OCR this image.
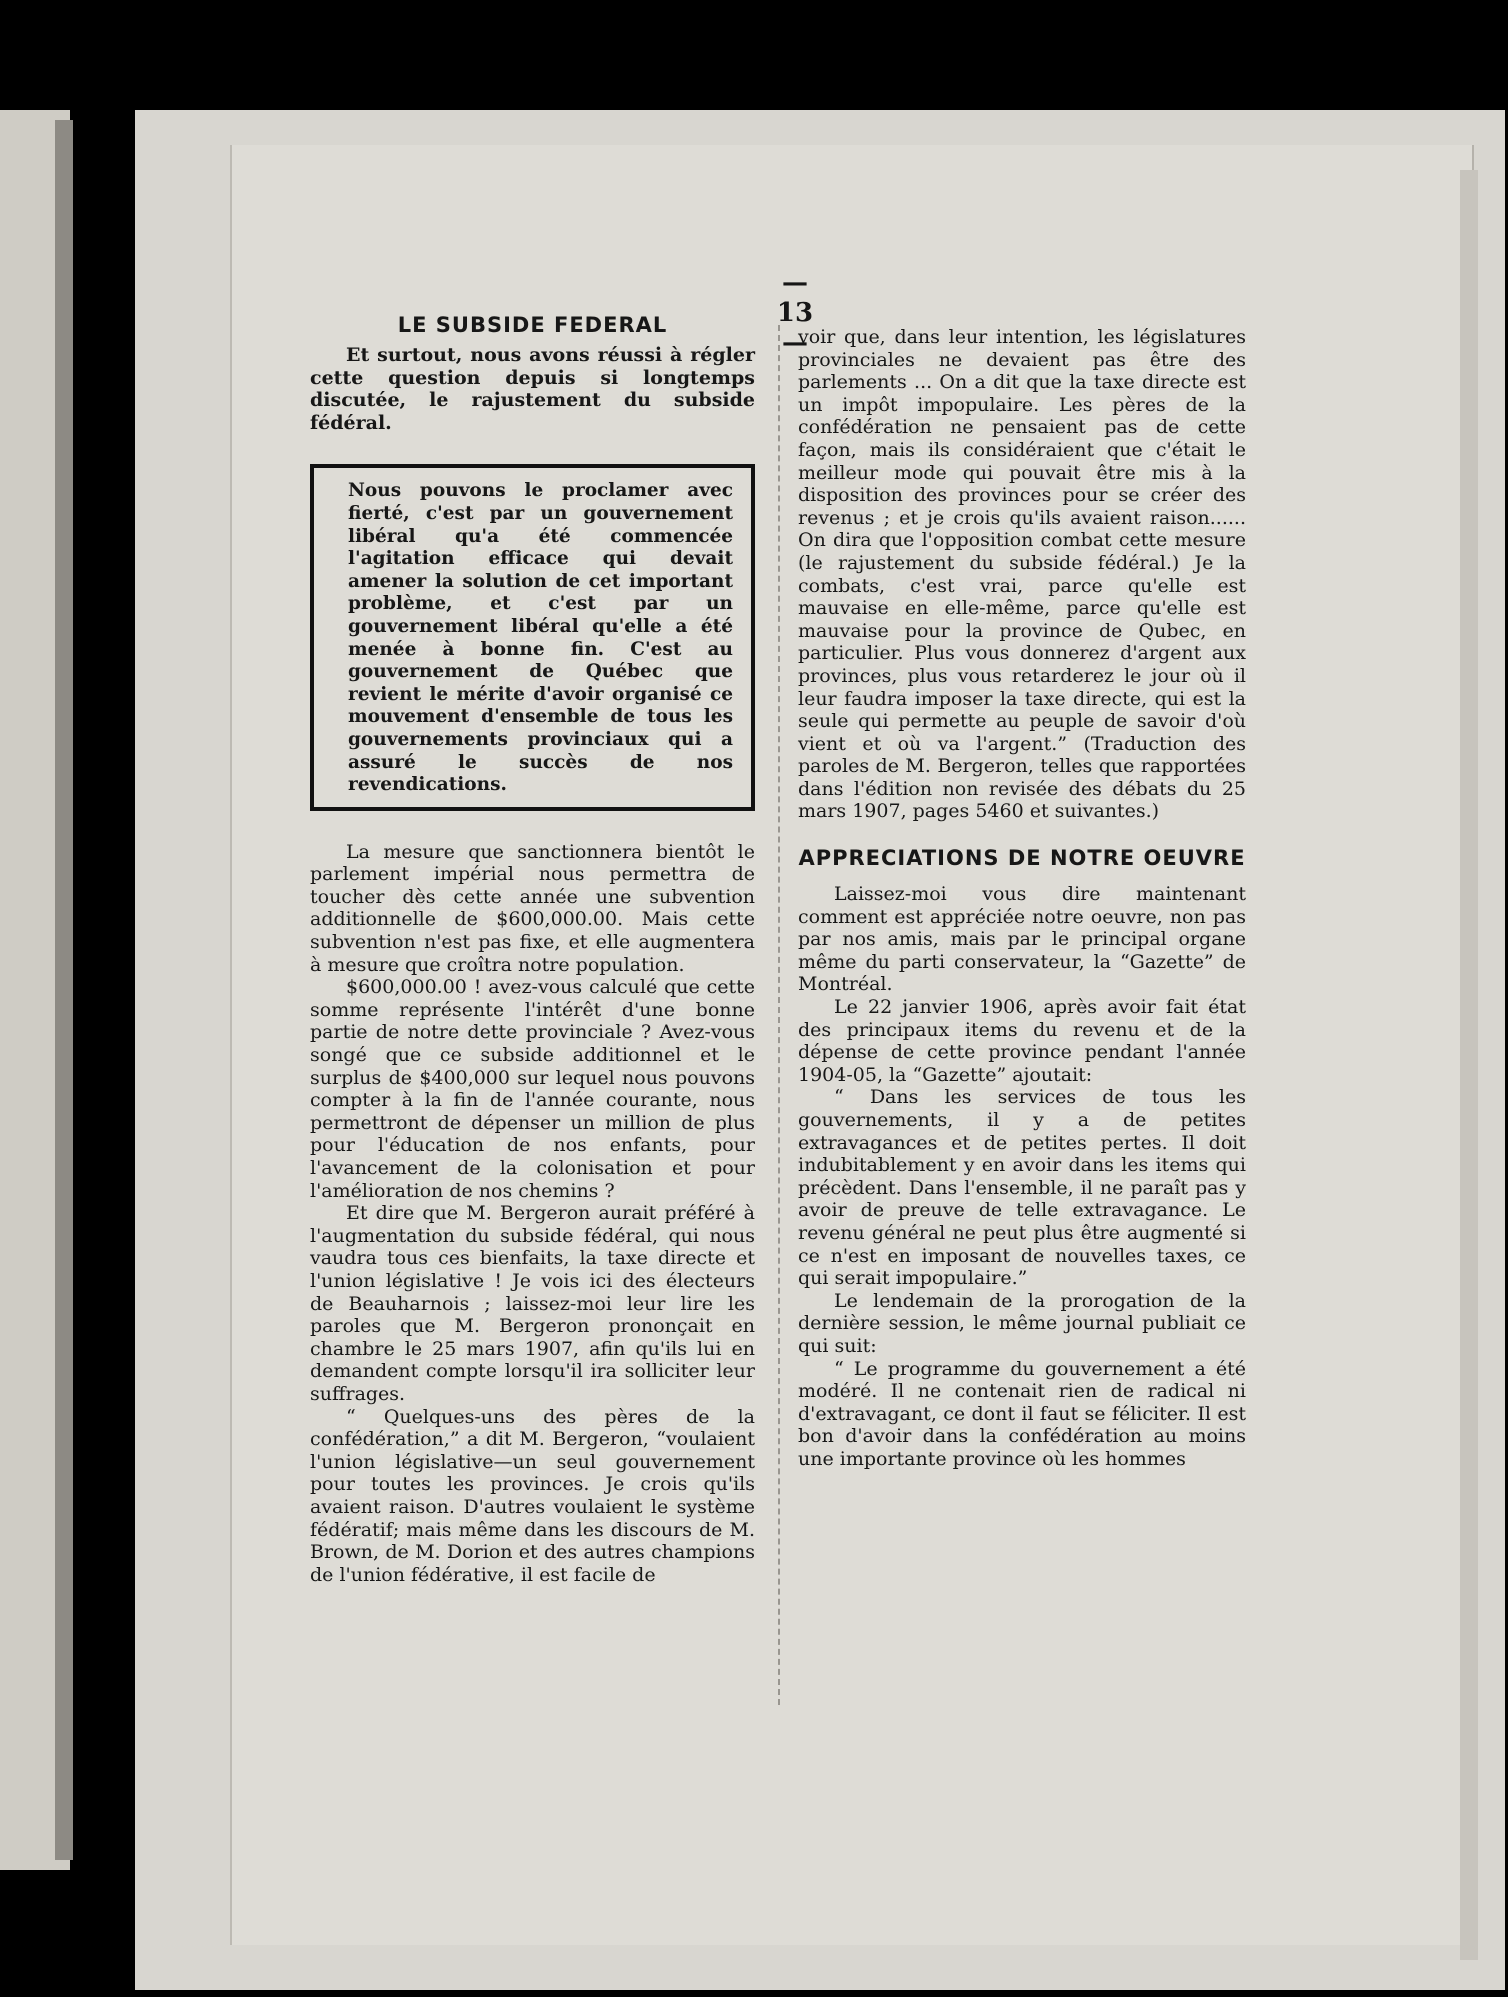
— 13 —
LE SUBSIDE FEDERAL

Et surtout, nous avons réussi à régler cette question depuis si longtemps discutée, le rajustement du subside fédéral.

Nous pouvons le proclamer avec fierté, c'est par un gouvernement libéral qu'a été commencée l'agitation efficace qui devait amener la solution de cet important problème, et c'est par un gouvernement libéral qu'elle a été menée à bonne fin. C'est au gouvernement de Québec que revient le mérite d'avoir organisé ce mouvement d'ensemble de tous les gouvernements provinciaux qui a assuré le succès de nos revendications.

La mesure que sanctionnera bientôt le parlement impérial nous permettra de toucher dès cette année une subvention additionnelle de $600,000.00. Mais cette subvention n'est pas fixe, et elle augmentera à mesure que croîtra notre population.

$600,000.00 ! avez-vous calculé que cette somme représente l'intérêt d'une bonne partie de notre dette provinciale ? Avez-vous songé que ce subside additionnel et le surplus de $400,000 sur lequel nous pouvons compter à la fin de l'année courante, nous permettront de dépenser un million de plus pour l'éducation de nos enfants, pour l'avancement de la colonisation et pour l'amélioration de nos chemins ?

Et dire que M. Bergeron aurait préféré à l'augmentation du subside fédéral, qui nous vaudra tous ces bienfaits, la taxe directe et l'union législative ! Je vois ici des électeurs de Beauharnois ; laissez-moi leur lire les paroles que M. Bergeron prononçait en chambre le 25 mars 1907, afin qu'ils lui en demandent compte lorsqu'il ira solliciter leur suffrages.

“ Quelques-uns des pères de la confédération,” a dit M. Bergeron, “voulaient l'union législative—un seul gouvernement pour toutes les provinces. Je crois qu'ils avaient raison. D'autres voulaient le système fédératif; mais même dans les discours de M. Brown, de M. Dorion et des autres champions de l'union fédérative, il est facile de

voir que, dans leur intention, les législatures provinciales ne devaient pas être des parlements ... On a dit que la taxe directe est un impôt impopulaire. Les pères de la confédération ne pensaient pas de cette façon, mais ils considéraient que c'était le meilleur mode qui pouvait être mis à la disposition des provinces pour se créer des revenus ; et je crois qu'ils avaient raison...... On dira que l'opposition combat cette mesure (le rajustement du subside fédéral.) Je la combats, c'est vrai, parce qu'elle est mauvaise en elle-même, parce qu'elle est mauvaise pour la province de Qubec, en particulier. Plus vous donnerez d'argent aux provinces, plus vous retarderez le jour où il leur faudra imposer la taxe directe, qui est la seule qui permette au peuple de savoir d'où vient et où va l'argent.” (Traduction des paroles de M. Bergeron, telles que rapportées dans l'édition non revisée des débats du 25 mars 1907, pages 5460 et suivantes.)

APPRECIATIONS DE NOTRE OEUVRE

Laissez-moi vous dire maintenant comment est appréciée notre oeuvre, non pas par nos amis, mais par le principal organe même du parti conservateur, la “Gazette” de Montréal.

Le 22 janvier 1906, après avoir fait état des principaux items du revenu et de la dépense de cette province pendant l'année 1904-05, la “Gazette” ajoutait:

“ Dans les services de tous les gouvernements, il y a de petites extravagances et de petites pertes. Il doit indubitablement y en avoir dans les items qui précèdent. Dans l'ensemble, il ne paraît pas y avoir de preuve de telle extravagance. Le revenu général ne peut plus être augmenté si ce n'est en imposant de nouvelles taxes, ce qui serait impopulaire.”

Le lendemain de la prorogation de la dernière session, le même journal publiait ce qui suit:

“ Le programme du gouvernement a été modéré. Il ne contenait rien de radical ni d'extravagant, ce dont il faut se féliciter. Il est bon d'avoir dans la confédération au moins une importante province où les hommes
